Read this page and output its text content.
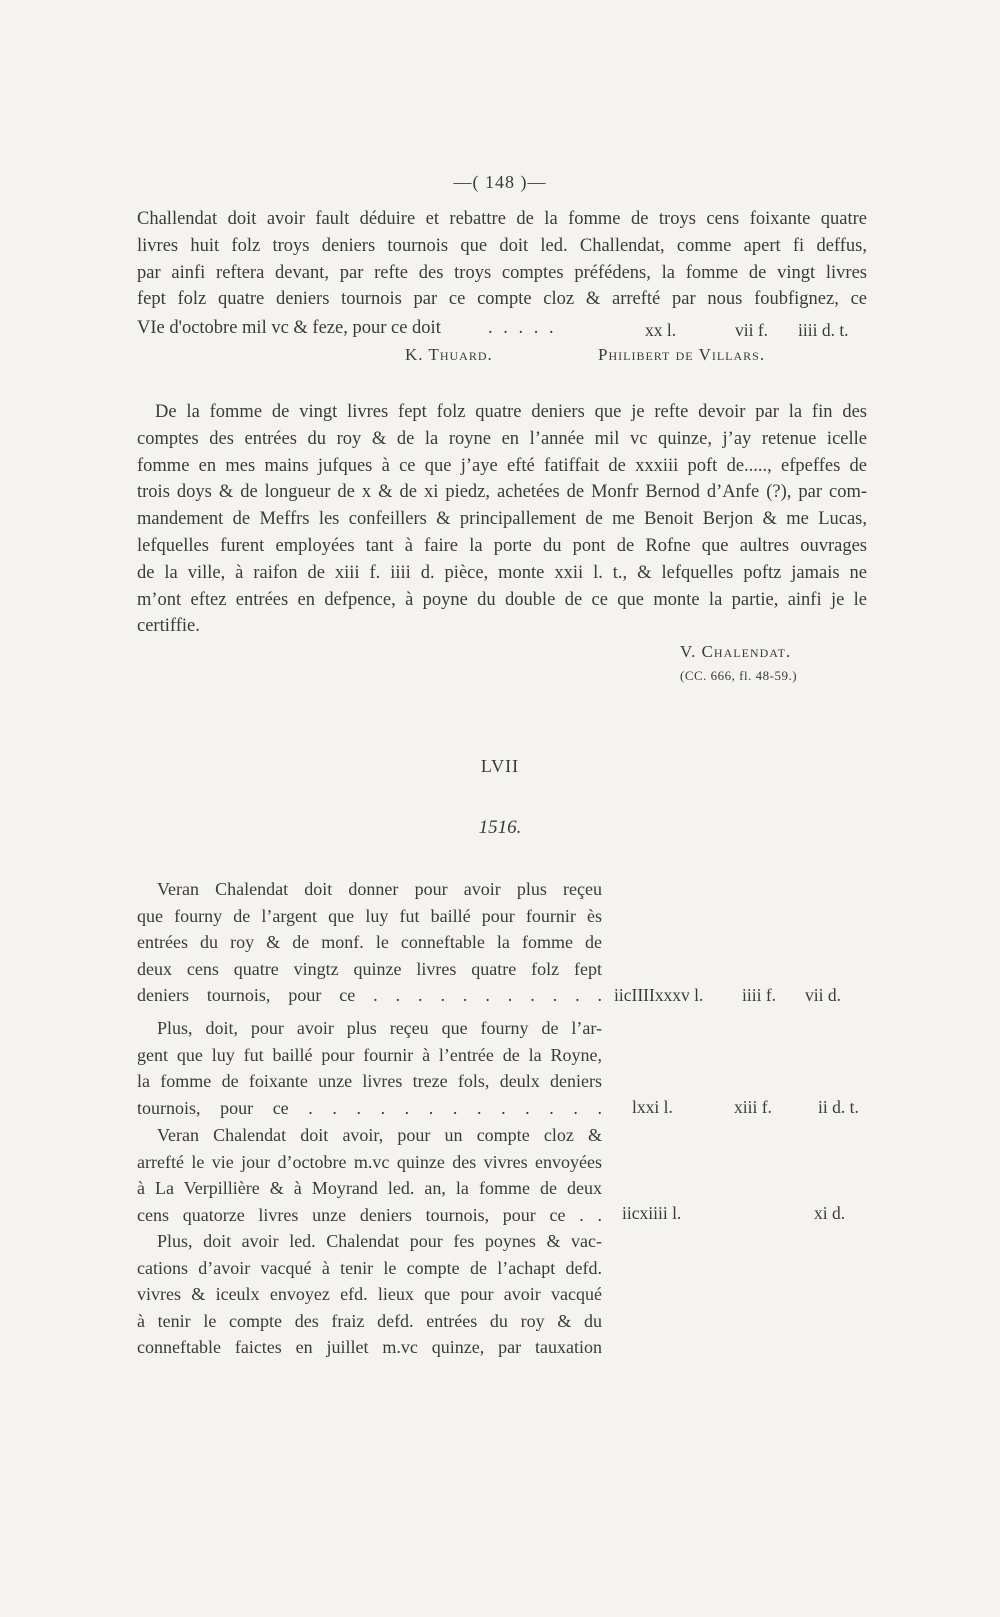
—( 148 )—
Challendat doit avoir fault déduire et rebattre de la fomme de troys cens foixante quatre
livres huit folz troys deniers tournois que doit led. Challendat, comme apert fi deffus,
par ainfi reftera devant, par refte des troys comptes préfédens, la fomme de vingt livres
fept folz quatre deniers tournois par ce compte cloz & arrefté par nous foubfignez, ce
VIe d'octobre mil vc & feze, pour ce doit	. . . . .	xx l.	vii f. iiii d. t.
K. Thuard.	Philibert de Villars.
De la fomme de vingt livres fept folz quatre deniers que je refte devoir par la fin des
comptes des entrées du roy & de la royne en l’année mil vc quinze, j’ay retenue icelle
fomme en mes mains jufques à ce que j’aye efté fatiffait de xxxiii poft de....., efpeffes de
trois doys & de longueur de x & de xi piedz, achetées de Monfr Bernod d’Anfe (?), par com-
mandement de Meffrs les confeillers & principallement de me Benoit Berjon & me Lucas,
lefquelles furent employées tant à faire la porte du pont de Rofne que aultres ouvrages
de la ville, à raifon de xiii f. iiii d. pièce, monte xxii l. t., & lefquelles poftz jamais ne
m’ont eftez entrées en defpence, à poyne du double de ce que monte la partie, ainfi je le
certiffie.
V. Chalendat.
(CC. 666, fl. 48-59.)
LVII
1516.
Veran Chalendat doit donner pour avoir plus reçeu
que fourny de l’argent que luy fut baillé pour fournir ès
entrées du roy & de monf. le conneftable la fomme de
deux cens quatre vingtz quinze livres quatre folz fept
deniers tournois, pour ce . . . . . . . . . . . iicIIIIxxxv l. iiii f. vii d.
Plus, doit, pour avoir plus reçeu que fourny de l’ar-
gent que luy fut baillé pour fournir à l’entrée de la Royne,
la fomme de foixante unze livres treze fols, deulx deniers
tournois, pour ce . . . . . . . . . . . . . lxxi l.	xiii f.	ii d. t.
Veran Chalendat doit avoir, pour un compte cloz &
arrefté le vie jour d’octobre m.vc quinze des vivres envoyées
à La Verpillière & à Moyrand led. an, la fomme de deux
cens quatorze livres unze deniers tournois, pour ce . . iicxiiii l.	xi d.
Plus, doit avoir led. Chalendat pour fes poynes & vac-
cations d’avoir vacqué à tenir le compte de l’achapt defd.
vivres & iceulx envoyez efd. lieux que pour avoir vacqué
à tenir le compte des fraiz defd. entrées du roy & du
conneftable faictes en juillet m.vc quinze, par tauxation
